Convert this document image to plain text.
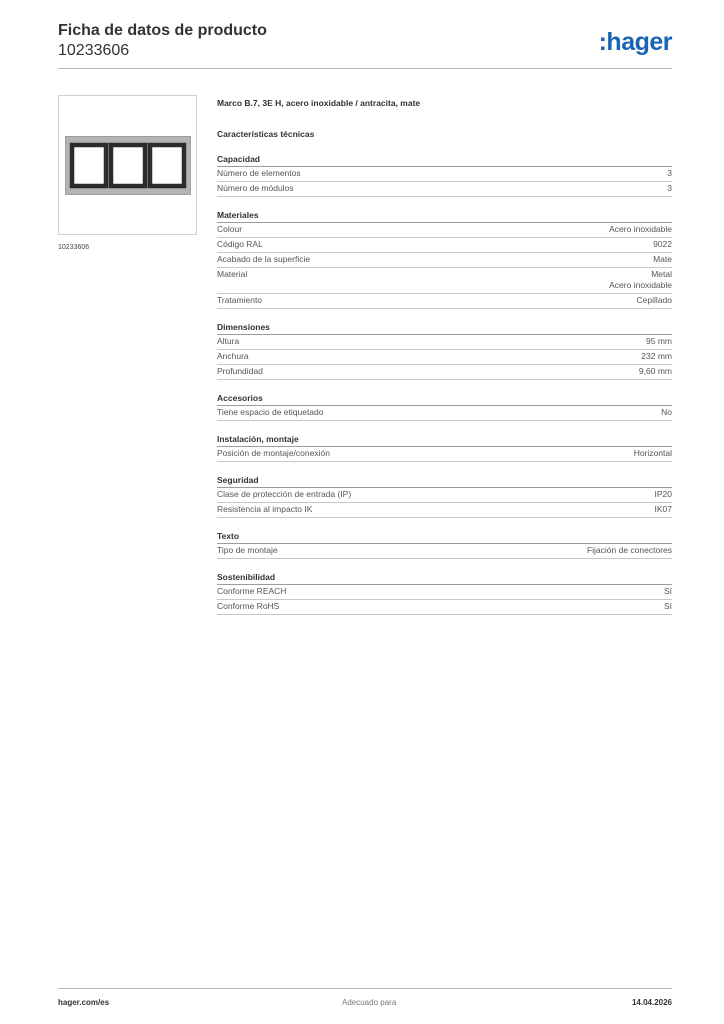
Ficha de datos de producto
10233606	:hager
10233606
Marco B.7, 3E H, acero inoxidable / antracita, mate
Características técnicas
Capacidad
Número de elementos	3
Número de módulos	3
Materiales
Colour	Acero inoxidable
Código RAL	9022
Acabado de la superficie	Mate
Material	Metal
Acero inoxidable
Tratamiento	Cepillado
Dimensiones
Altura	95 mm
Anchura	232 mm
Profundidad	9,60 mm
Accesorios
Tiene espacio de etiquetado	No
Instalación, montaje
Posición de montaje/conexión	Horizontal
Seguridad
Clase de protección de entrada (IP)	IP20
Resistencia al impacto IK	IK07
Texto
Tipo de montaje	Fijación de conectores
Sostenibilidad
Conforme REACH	Sí
Conforme RoHS	Sí
hager.com/es	Adecuado para	14.04.2026
